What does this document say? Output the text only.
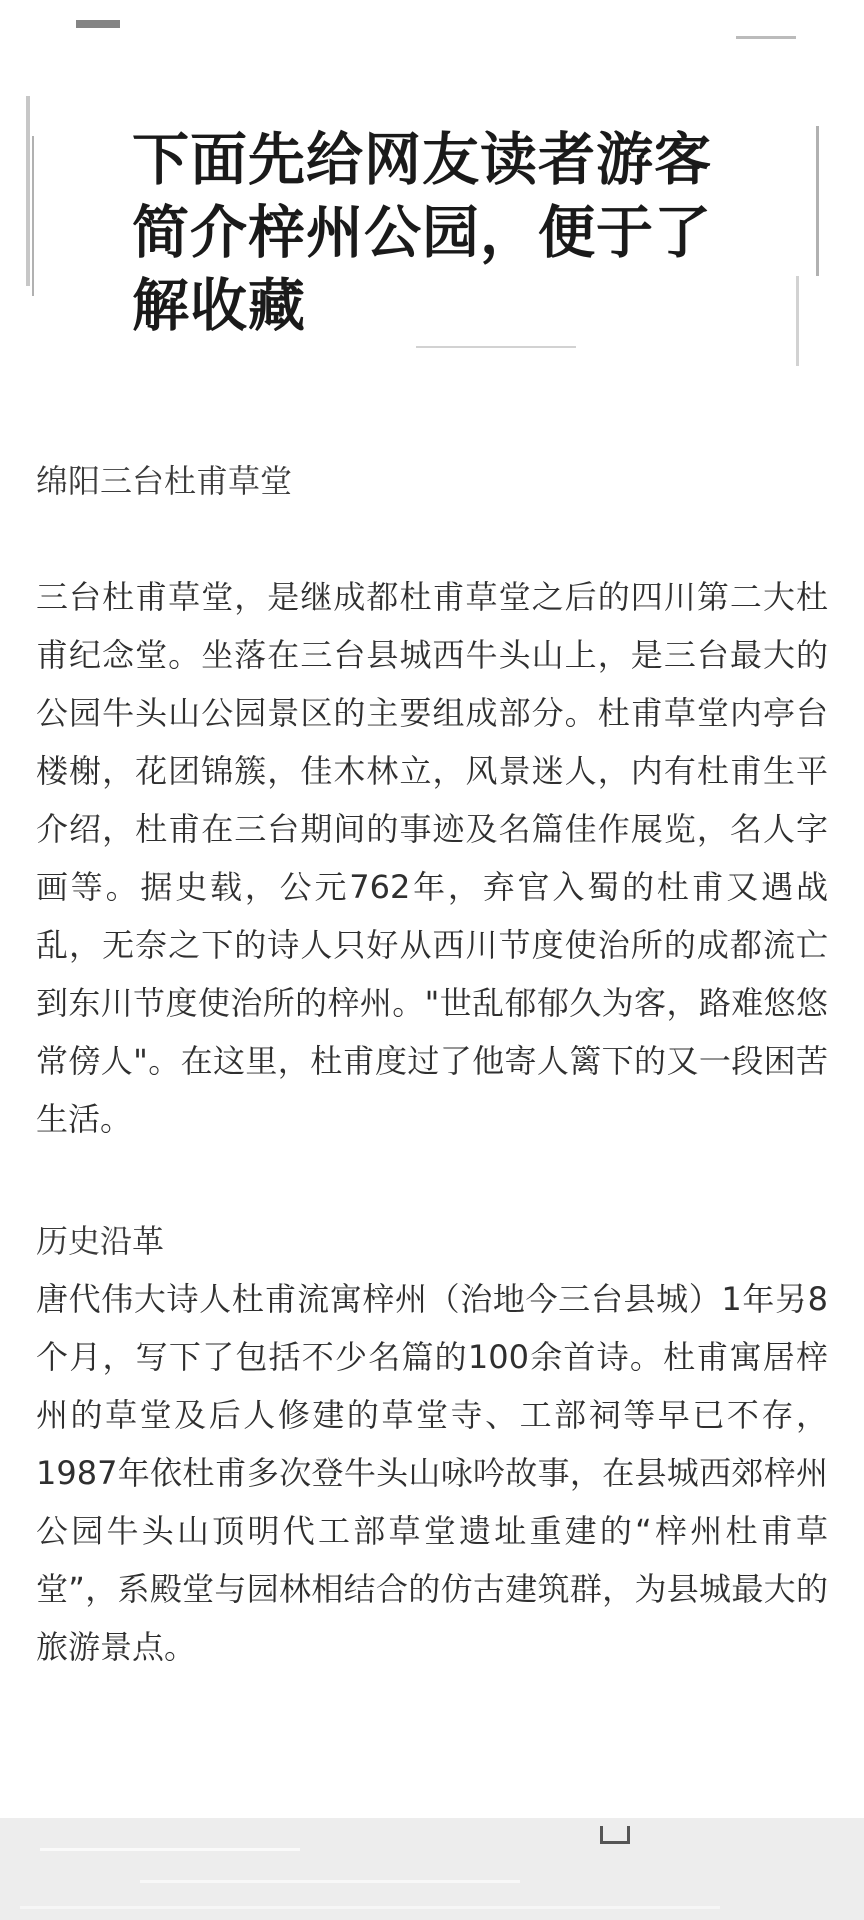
下面先给网友读者游客简介梓州公园，便于了解收藏

绵阳三台杜甫草堂

三台杜甫草堂，是继成都杜甫草堂之后的四川第二大杜甫纪念堂。坐落在三台县城西牛头山上，是三台最大的公园牛头山公园景区的主要组成部分。杜甫草堂内亭台楼榭，花团锦簇，佳木林立，风景迷人，内有杜甫生平介绍，杜甫在三台期间的事迹及名篇佳作展览，名人字画等。据史载，公元762年，弃官入蜀的杜甫又遇战乱，无奈之下的诗人只好从西川节度使治所的成都流亡到东川节度使治所的梓州。"世乱郁郁久为客，路难悠悠常傍人"。在这里，杜甫度过了他寄人篱下的又一段困苦生活。

历史沿革

唐代伟大诗人杜甫流寓梓州（治地今三台县城）1年另8个月，写下了包括不少名篇的100余首诗。杜甫寓居梓州的草堂及后人修建的草堂寺、工部祠等早已不存，1987年依杜甫多次登牛头山咏吟故事，在县城西郊梓州公园牛头山顶明代工部草堂遗址重建的“梓州杜甫草堂”，系殿堂与园林相结合的仿古建筑群，为县城最大的旅游景点。
